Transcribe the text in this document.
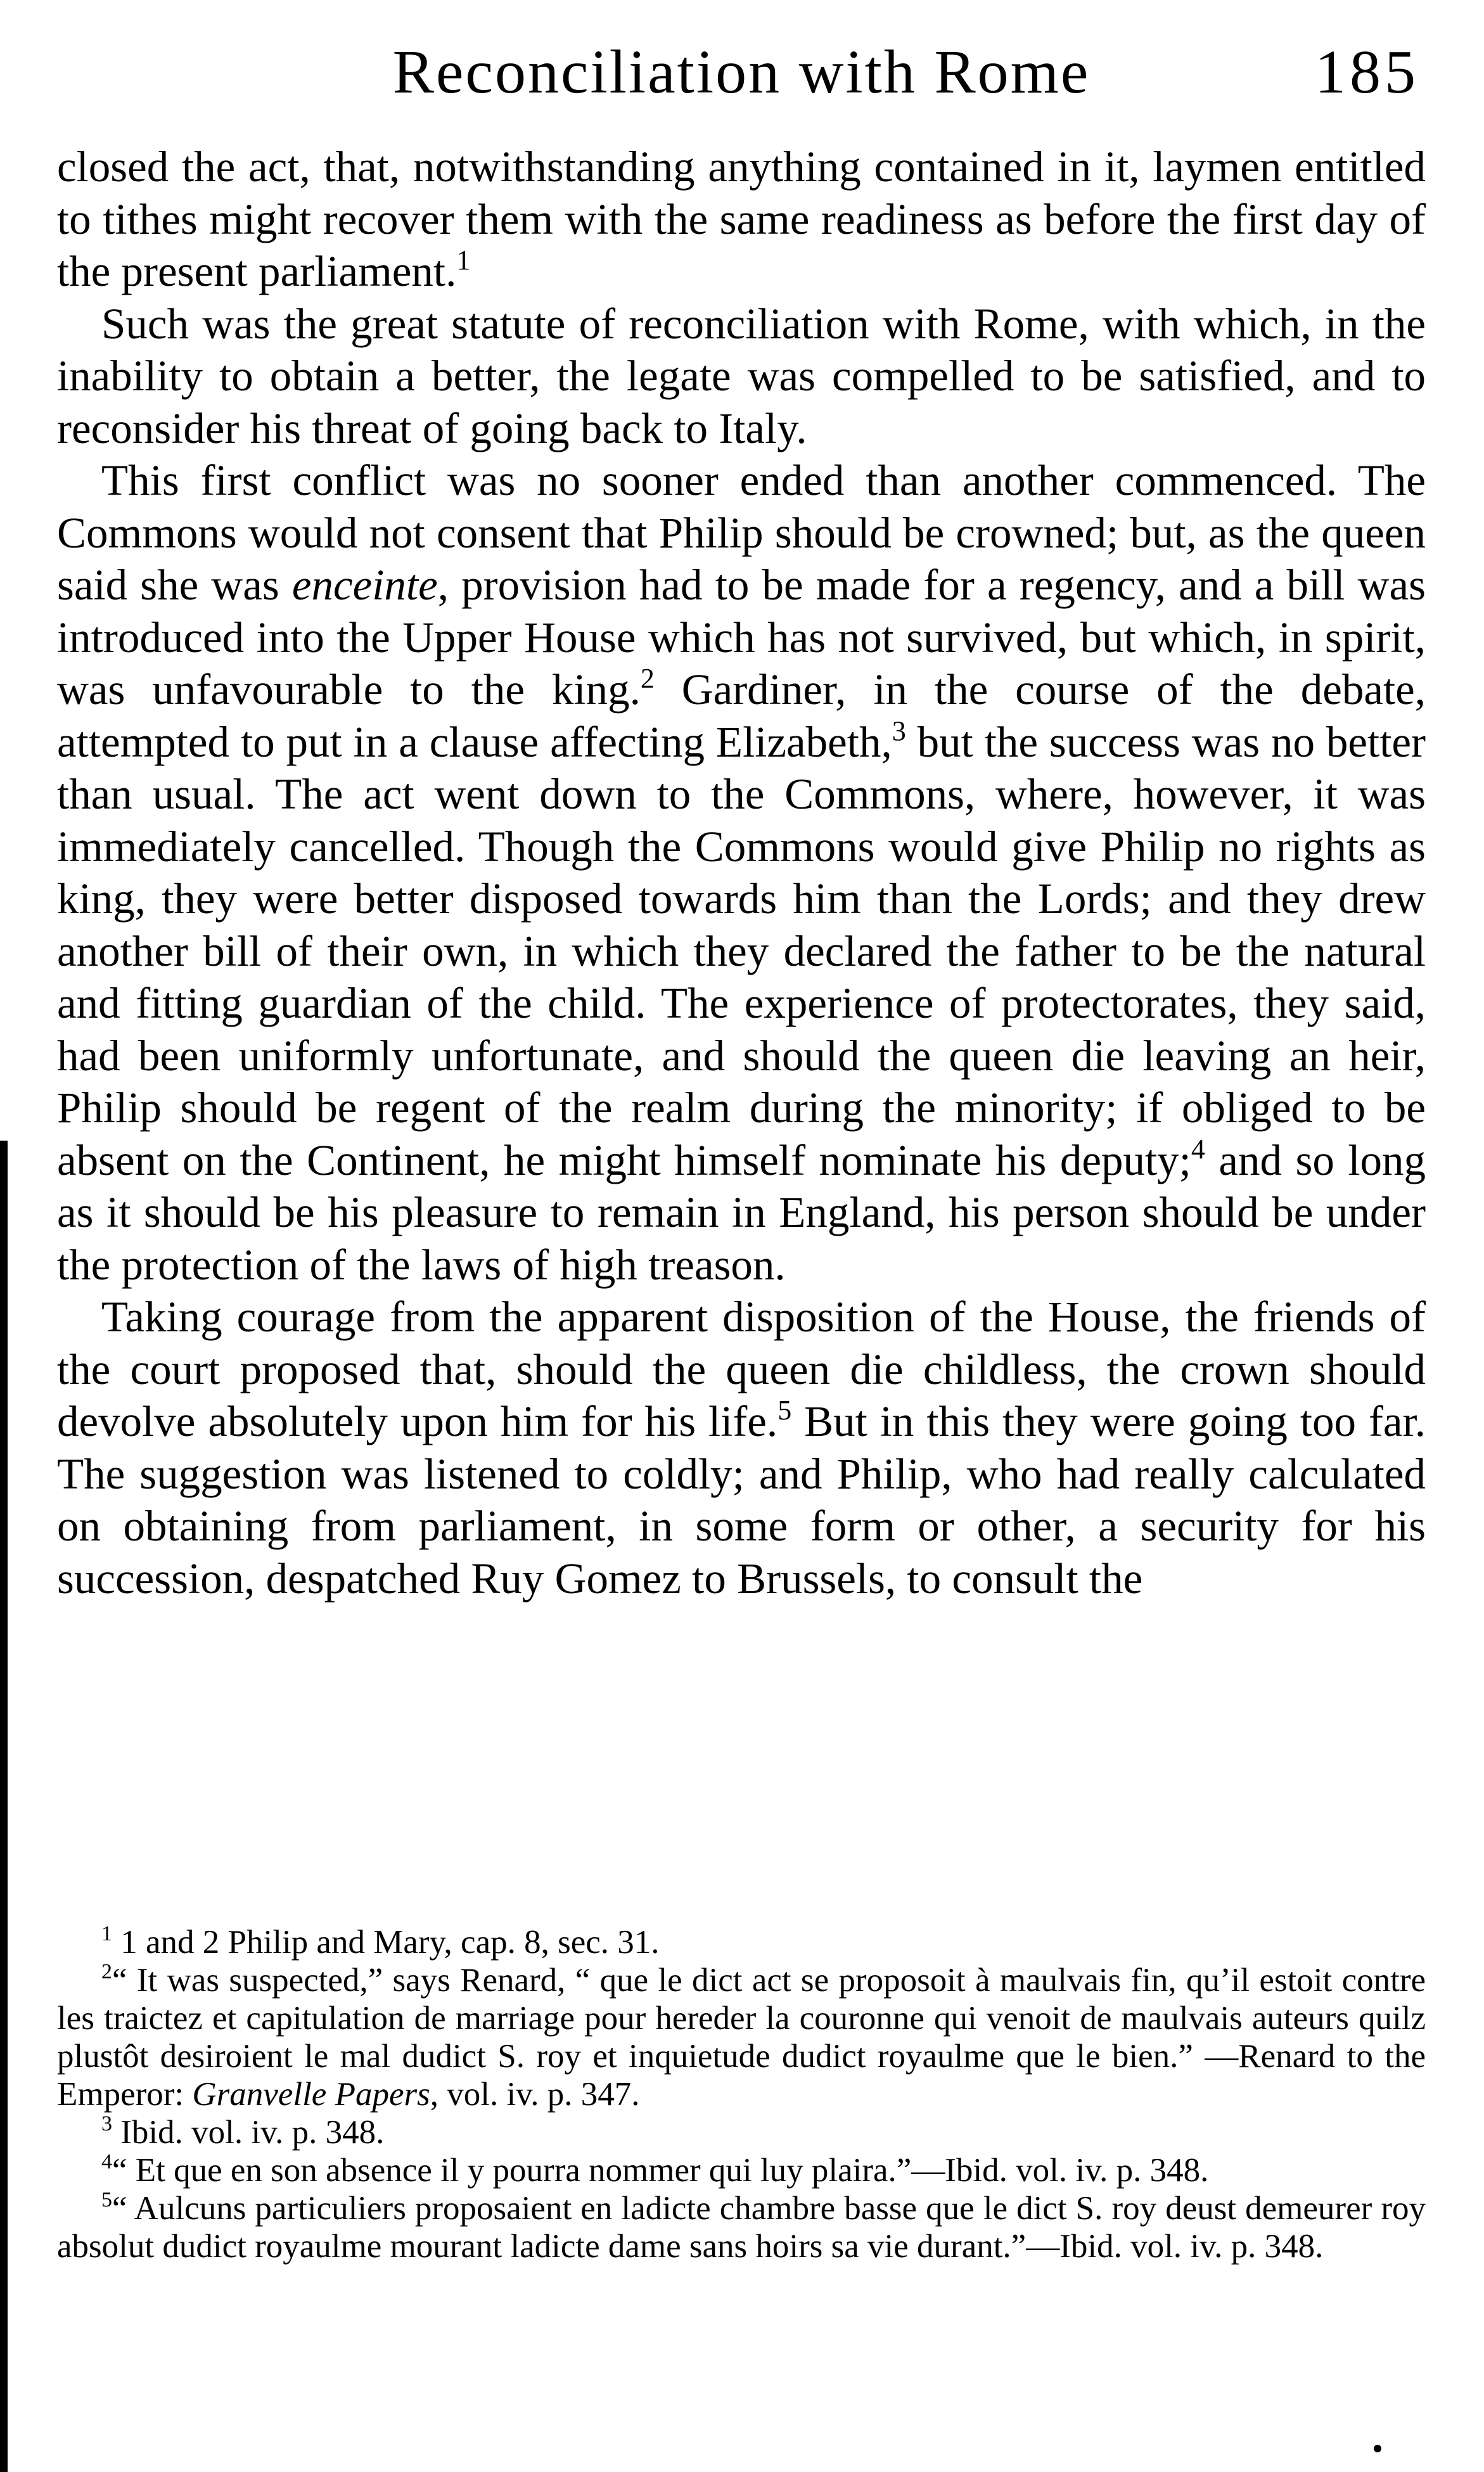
Reconciliation with Rome	185

closed the act, that, notwithstanding anything contained in it, laymen entitled to tithes might recover them with the same readiness as before the first day of the present parliament.$^1$

Such was the great statute of reconciliation with Rome, with which, in the inability to obtain a better, the legate was compelled to be satisfied, and to reconsider his threat of going back to Italy.

This first conflict was no sooner ended than another commenced. The Commons would not consent that Philip should be crowned; but, as the queen said she was enceinte, provision had to be made for a regency, and a bill was introduced into the Upper House which has not survived, but which, in spirit, was unfavourable to the king.$^2$ Gardiner, in the course of the debate, attempted to put in a clause affecting Elizabeth,$^3$ but the success was no better than usual. The act went down to the Commons, where, however, it was immediately cancelled. Though the Commons would give Philip no rights as king, they were better disposed towards him than the Lords; and they drew another bill of their own, in which they declared the father to be the natural and fitting guardian of the child. The experience of protectorates, they said, had been uniformly unfortunate, and should the queen die leaving an heir, Philip should be regent of the realm during the minority; if obliged to be absent on the Continent, he might himself nominate his deputy;$^4$ and so long as it should be his pleasure to remain in England, his person should be under the protection of the laws of high treason.

Taking courage from the apparent disposition of the House, the friends of the court proposed that, should the queen die childless, the crown should devolve absolutely upon him for his life.$^5$ But in this they were going too far. The suggestion was listened to coldly; and Philip, who had really calculated on obtaining from parliament, in some form or other, a security for his succession, despatched Ruy Gomez to Brussels, to consult the

$^1$ 1 and 2 Philip and Mary, cap. 8, sec. 31.

$^2$“ It was suspected,” says Renard, “ que le dict act se proposoit à maulvais fin, qu’il estoit contre les traictez et capitulation de marriage pour hereder la couronne qui venoit de maulvais auteurs quilz plustôt desiroient le mal dudict S. roy et inquietude dudict royaulme que le bien.” —Renard to the Emperor: Granvelle Papers, vol. iv. p. 347.

$^3$ Ibid. vol. iv. p. 348.

$^4$“ Et que en son absence il y pourra nommer qui luy plaira.”—Ibid. vol. iv. p. 348.

$^5$“ Aulcuns particuliers proposaient en ladicte chambre basse que le dict S. roy deust demeurer roy absolut dudict royaulme mourant ladicte dame sans hoirs sa vie durant.”—Ibid. vol. iv. p. 348.
